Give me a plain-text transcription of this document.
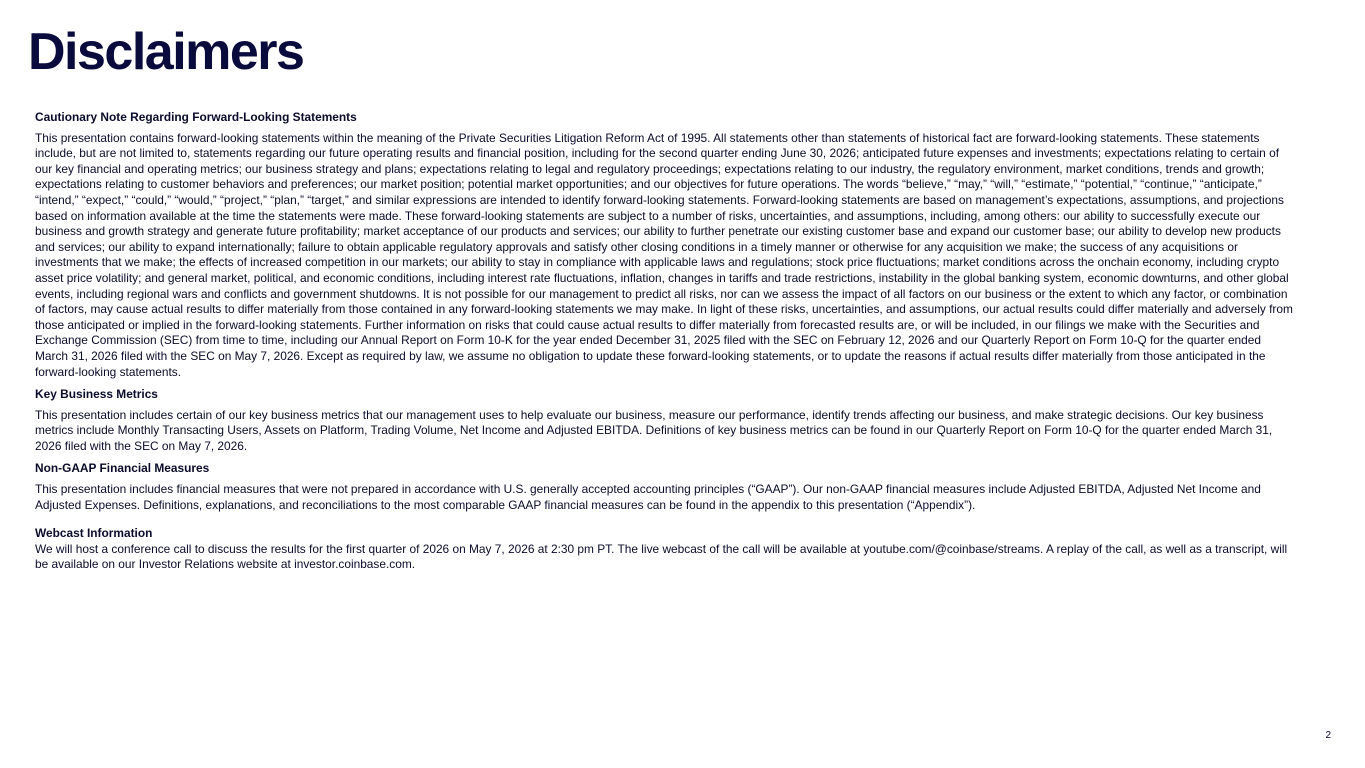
Disclaimers
Cautionary Note Regarding Forward-Looking Statements
This presentation contains forward-looking statements within the meaning of the Private Securities Litigation Reform Act of 1995. All statements other than statements of historical fact are forward-looking statements. These statements include, but are not limited to, statements regarding our future operating results and financial position, including for the second quarter ending June 30, 2026; anticipated future expenses and investments; expectations relating to certain of our key financial and operating metrics; our business strategy and plans; expectations relating to legal and regulatory proceedings; expectations relating to our industry, the regulatory environment, market conditions, trends and growth; expectations relating to customer behaviors and preferences; our market position; potential market opportunities; and our objectives for future operations. The words “believe,” “may,” “will,” “estimate,” “potential,” “continue,” “anticipate,” “intend,” “expect,” “could,” “would,” “project,” “plan,” “target,” and similar expressions are intended to identify forward-looking statements. Forward-looking statements are based on management’s expectations, assumptions, and projections based on information available at the time the statements were made. These forward-looking statements are subject to a number of risks, uncertainties, and assumptions, including, among others: our ability to successfully execute our business and growth strategy and generate future profitability; market acceptance of our products and services; our ability to further penetrate our existing customer base and expand our customer base; our ability to develop new products and services; our ability to expand internationally; failure to obtain applicable regulatory approvals and satisfy other closing conditions in a timely manner or otherwise for any acquisition we make; the success of any acquisitions or investments that we make; the effects of increased competition in our markets; our ability to stay in compliance with applicable laws and regulations; stock price fluctuations; market conditions across the onchain economy, including crypto asset price volatility; and general market, political, and economic conditions, including interest rate fluctuations, inflation, changes in tariffs and trade restrictions, instability in the global banking system, economic downturns, and other global events, including regional wars and conflicts and government shutdowns. It is not possible for our management to predict all risks, nor can we assess the impact of all factors on our business or the extent to which any factor, or combination of factors, may cause actual results to differ materially from those contained in any forward-looking statements we may make. In light of these risks, uncertainties, and assumptions, our actual results could differ materially and adversely from those anticipated or implied in the forward-looking statements. Further information on risks that could cause actual results to differ materially from forecasted results are, or will be included, in our filings we make with the Securities and Exchange Commission (SEC) from time to time, including our Annual Report on Form 10-K for the year ended December 31, 2025 filed with the SEC on February 12, 2026 and our Quarterly Report on Form 10-Q for the quarter ended March 31, 2026 filed with the SEC on May 7, 2026. Except as required by law, we assume no obligation to update these forward-looking statements, or to update the reasons if actual results differ materially from those anticipated in the forward-looking statements.
Key Business Metrics
This presentation includes certain of our key business metrics that our management uses to help evaluate our business, measure our performance, identify trends affecting our business, and make strategic decisions. Our key business metrics include Monthly Transacting Users, Assets on Platform, Trading Volume, Net Income and Adjusted EBITDA. Definitions of key business metrics can be found in our Quarterly Report on Form 10-Q for the quarter ended March 31, 2026 filed with the SEC on May 7, 2026.
Non-GAAP Financial Measures
This presentation includes financial measures that were not prepared in accordance with U.S. generally accepted accounting principles (“GAAP”). Our non-GAAP financial measures include Adjusted EBITDA, Adjusted Net Income and Adjusted Expenses. Definitions, explanations, and reconciliations to the most comparable GAAP financial measures can be found in the appendix to this presentation (“Appendix”).
Webcast Information
We will host a conference call to discuss the results for the first quarter of 2026 on May 7, 2026 at 2:30 pm PT. The live webcast of the call will be available at youtube.com/@coinbase/streams. A replay of the call, as well as a transcript, will be available on our Investor Relations website at investor.coinbase.com.
2
